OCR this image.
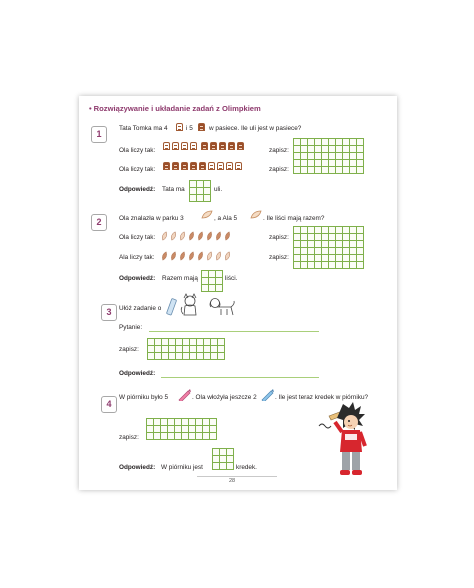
• Rozwiązywanie i układanie zadań z Olimpkiem
1
Tata Tomka ma 4	i 5	w pasiece. Ile uli jest w pasiece?
Ola liczy tak:	zapisz:
Ola liczy tak:	zapisz:
Odpowiedź: Tata ma	uli.
2	Ola znalazła w parku 3	, a Ala 5	. Ile liści mają razem?
Ola liczy tak:	zapisz:
Ala liczy tak:	zapisz:
Odpowiedź: Razem mają	liści.
3	Ułóż zadanie o
Pytanie:
zapisz:
Odpowiedź:
4
W piórniku było 5	. Ola włożyła jeszcze 2	. Ile jest teraz kredek w piórniku?
zapisz:
Odpowiedź: W piórniku jest	kredek.
28
